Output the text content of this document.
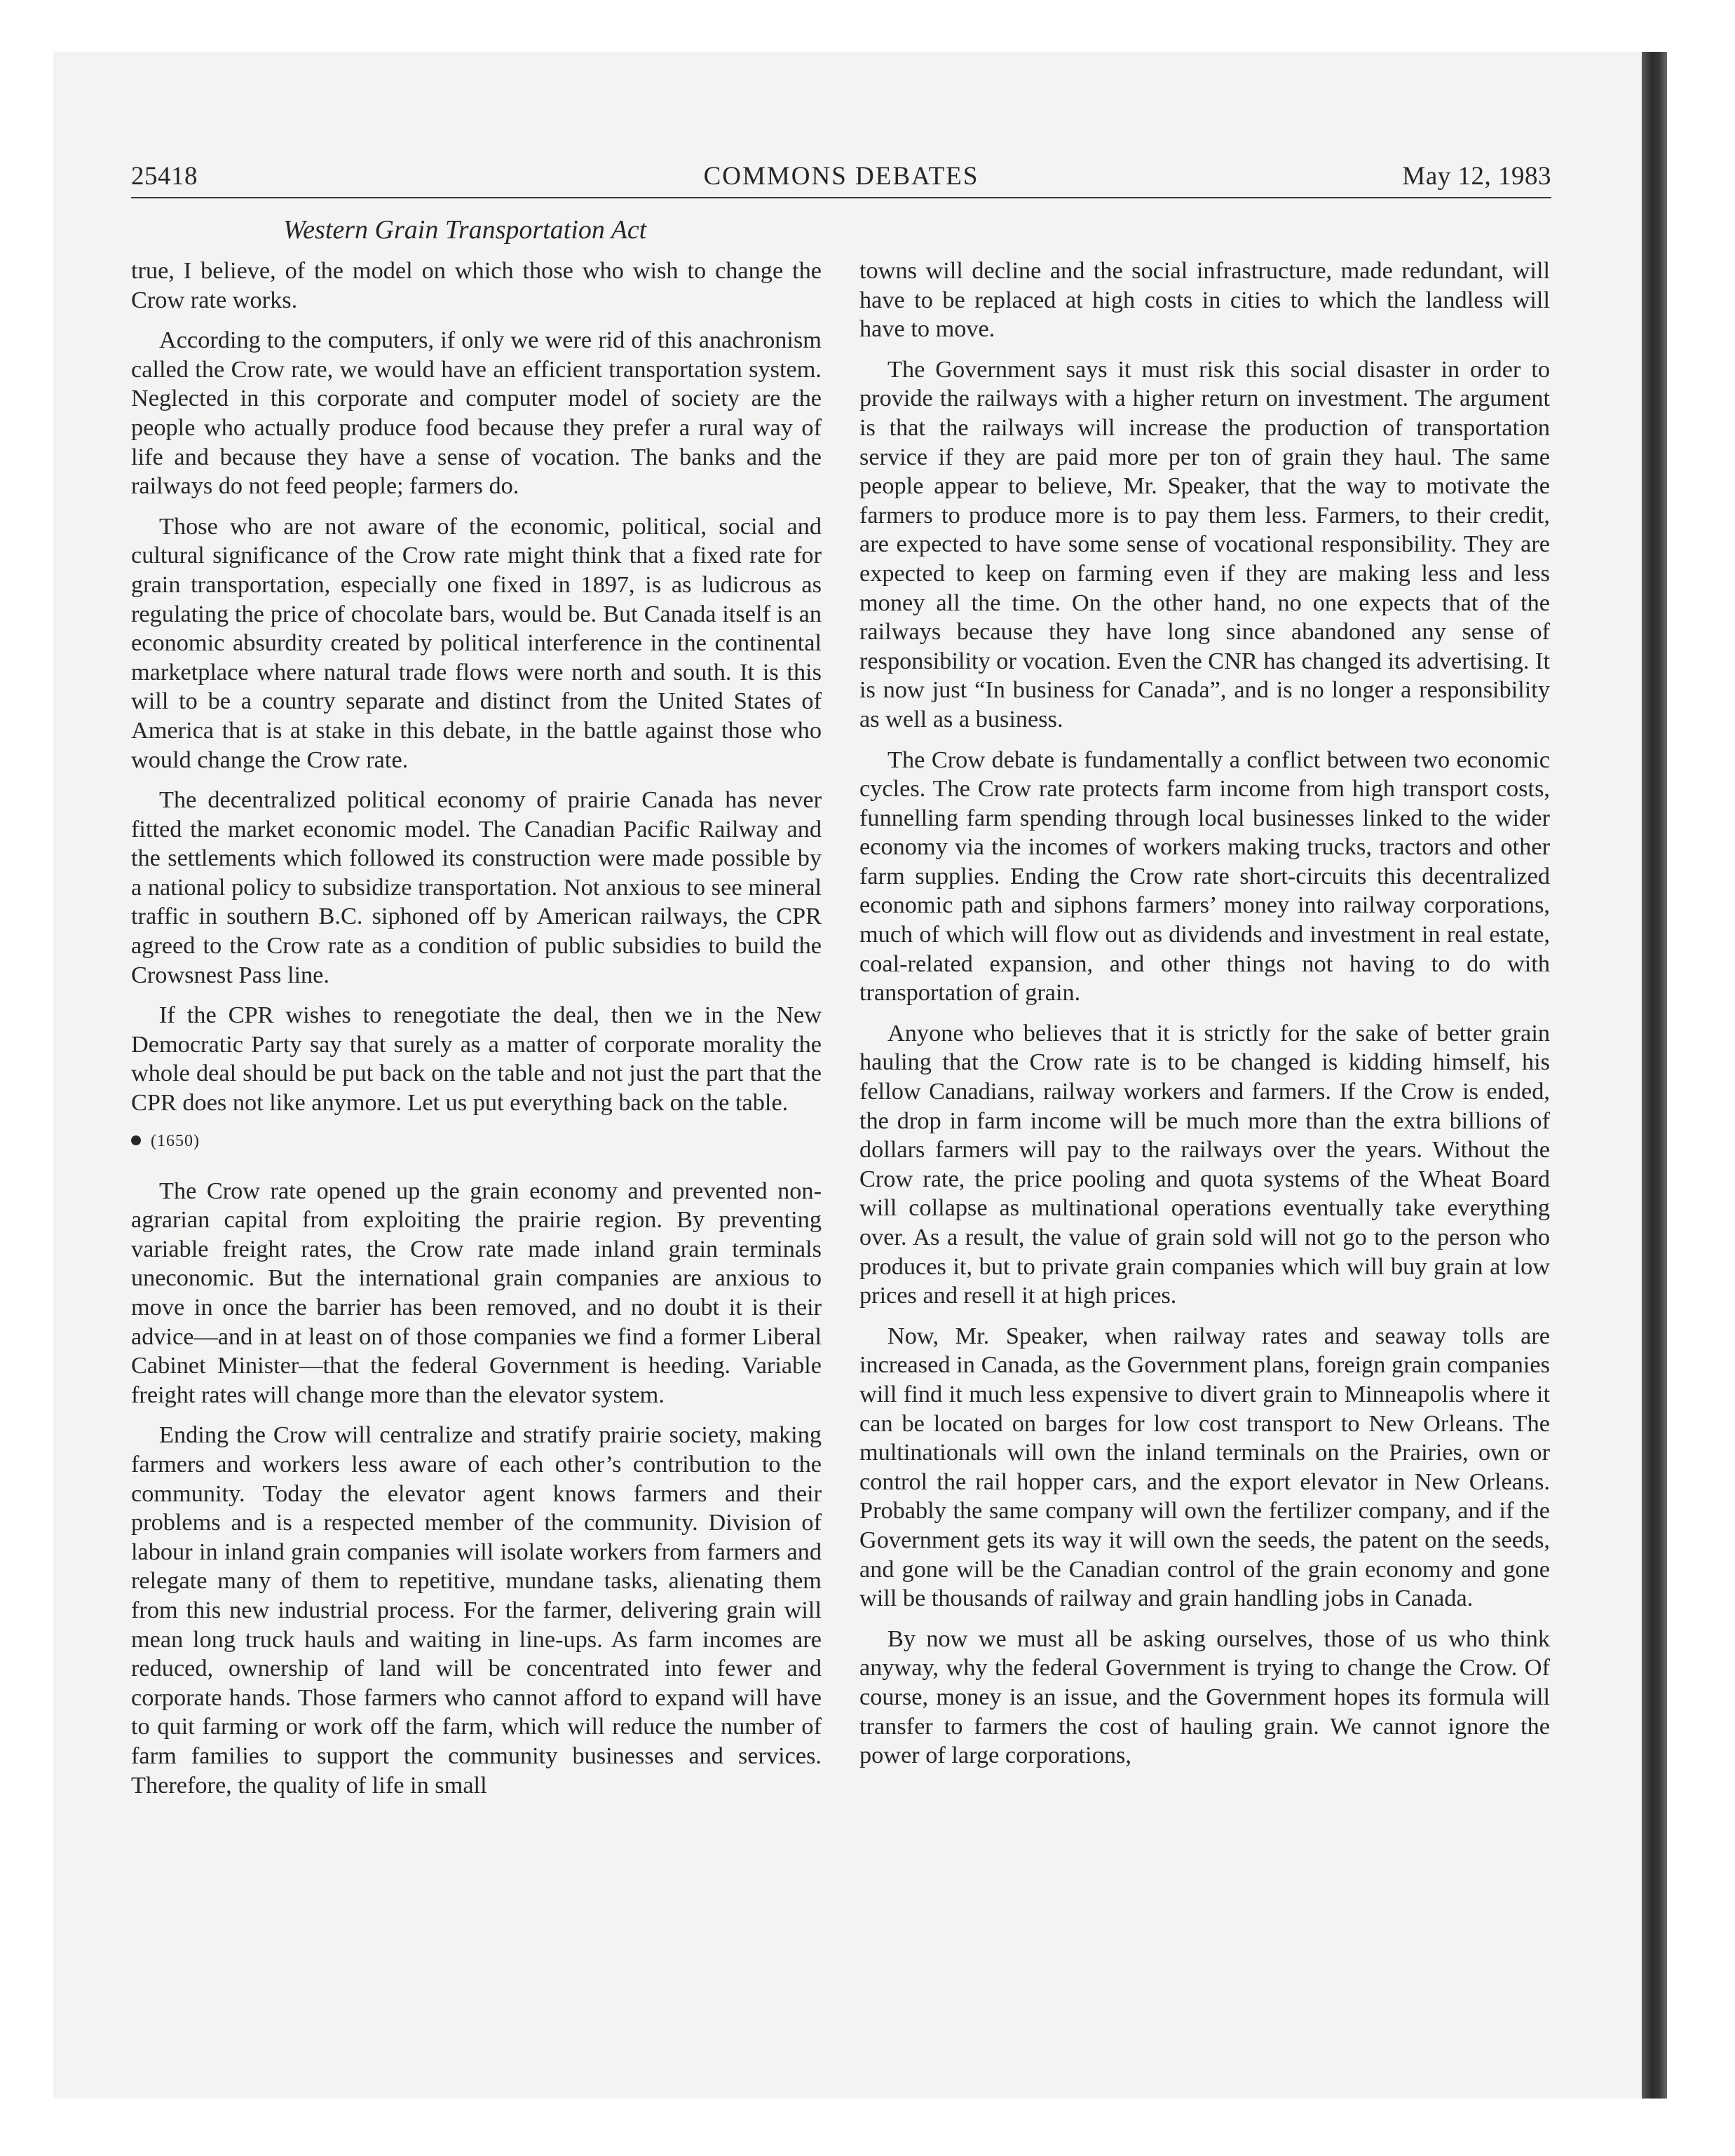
25418	COMMONS DEBATES	May 12, 1983
Western Grain Transportation Act

true, I believe, of the model on which those who wish to change the Crow rate works.

According to the computers, if only we were rid of this anachronism called the Crow rate, we would have an efficient transportation system. Neglected in this corporate and computer model of society are the people who actually produce food because they prefer a rural way of life and because they have a sense of vocation. The banks and the railways do not feed people; farmers do.

Those who are not aware of the economic, political, social and cultural significance of the Crow rate might think that a fixed rate for grain transportation, especially one fixed in 1897, is as ludicrous as regulating the price of chocolate bars, would be. But Canada itself is an economic absurdity created by political interference in the continental marketplace where natural trade flows were north and south. It is this will to be a country separate and distinct from the United States of America that is at stake in this debate, in the battle against those who would change the Crow rate.

The decentralized political economy of prairie Canada has never fitted the market economic model. The Canadian Pacific Railway and the settlements which followed its construction were made possible by a national policy to subsidize transportation. Not anxious to see mineral traffic in southern B.C. siphoned off by American railways, the CPR agreed to the Crow rate as a condition of public subsidies to build the Crowsnest Pass line.

If the CPR wishes to renegotiate the deal, then we in the New Democratic Party say that surely as a matter of corporate morality the whole deal should be put back on the table and not just the part that the CPR does not like anymore. Let us put everything back on the table.

(1650)

The Crow rate opened up the grain economy and prevented non-agrarian capital from exploiting the prairie region. By preventing variable freight rates, the Crow rate made inland grain terminals uneconomic. But the international grain companies are anxious to move in once the barrier has been removed, and no doubt it is their advice—and in at least on of those companies we find a former Liberal Cabinet Minister—that the federal Government is heeding. Variable freight rates will change more than the elevator system.

Ending the Crow will centralize and stratify prairie society, making farmers and workers less aware of each other’s contribution to the community. Today the elevator agent knows farmers and their problems and is a respected member of the community. Division of labour in inland grain companies will isolate workers from farmers and relegate many of them to repetitive, mundane tasks, alienating them from this new industrial process. For the farmer, delivering grain will mean long truck hauls and waiting in line-ups. As farm incomes are reduced, ownership of land will be concentrated into fewer and corporate hands. Those farmers who cannot afford to expand will have to quit farming or work off the farm, which will reduce the number of farm families to support the community businesses and services. Therefore, the quality of life in small

towns will decline and the social infrastructure, made redundant, will have to be replaced at high costs in cities to which the landless will have to move.

The Government says it must risk this social disaster in order to provide the railways with a higher return on investment. The argument is that the railways will increase the production of transportation service if they are paid more per ton of grain they haul. The same people appear to believe, Mr. Speaker, that the way to motivate the farmers to produce more is to pay them less. Farmers, to their credit, are expected to have some sense of vocational responsibility. They are expected to keep on farming even if they are making less and less money all the time. On the other hand, no one expects that of the railways because they have long since abandoned any sense of responsibility or vocation. Even the CNR has changed its advertising. It is now just “In business for Canada”, and is no longer a responsibility as well as a business.

The Crow debate is fundamentally a conflict between two economic cycles. The Crow rate protects farm income from high transport costs, funnelling farm spending through local businesses linked to the wider economy via the incomes of workers making trucks, tractors and other farm supplies. Ending the Crow rate short-circuits this decentralized economic path and siphons farmers’ money into railway corporations, much of which will flow out as dividends and investment in real estate, coal-related expansion, and other things not having to do with transportation of grain.

Anyone who believes that it is strictly for the sake of better grain hauling that the Crow rate is to be changed is kidding himself, his fellow Canadians, railway workers and farmers. If the Crow is ended, the drop in farm income will be much more than the extra billions of dollars farmers will pay to the railways over the years. Without the Crow rate, the price pooling and quota systems of the Wheat Board will collapse as multinational operations eventually take everything over. As a result, the value of grain sold will not go to the person who produces it, but to private grain companies which will buy grain at low prices and resell it at high prices.

Now, Mr. Speaker, when railway rates and seaway tolls are increased in Canada, as the Government plans, foreign grain companies will find it much less expensive to divert grain to Minneapolis where it can be located on barges for low cost transport to New Orleans. The multinationals will own the inland terminals on the Prairies, own or control the rail hopper cars, and the export elevator in New Orleans. Probably the same company will own the fertilizer company, and if the Government gets its way it will own the seeds, the patent on the seeds, and gone will be the Canadian control of the grain economy and gone will be thousands of railway and grain handling jobs in Canada.

By now we must all be asking ourselves, those of us who think anyway, why the federal Government is trying to change the Crow. Of course, money is an issue, and the Government hopes its formula will transfer to farmers the cost of hauling grain. We cannot ignore the power of large corporations,
